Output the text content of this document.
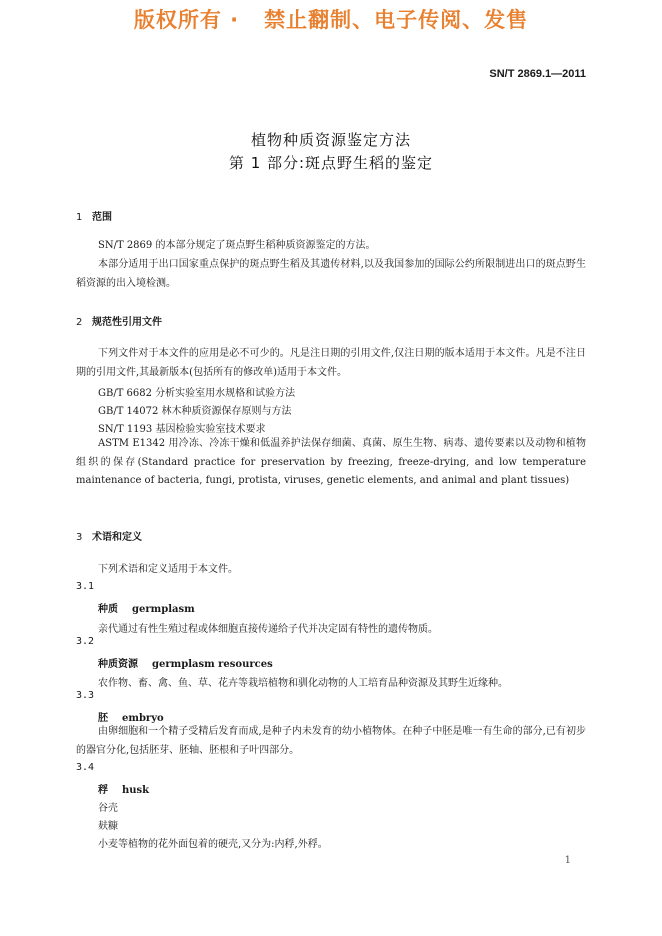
版权所有 ·   禁止翻制、电子传阅、发售
SN/T 2869.1—2011
植物种质资源鉴定方法
第 1 部分:斑点野生稻的鉴定
1 范围
SN/T 2869 的本部分规定了斑点野生稻种质资源鉴定的方法。
本部分适用于出口国家重点保护的斑点野生稻及其遗传材料,以及我国参加的国际公约所限制进出口的斑点野生稻资源的出入境检测。
2 规范性引用文件
下列文件对于本文件的应用是必不可少的。凡是注日期的引用文件,仅注日期的版本适用于本文件。凡是不注日期的引用文件,其最新版本(包括所有的修改单)适用于本文件。
GB/T 6682 分析实验室用水规格和试验方法
GB/T 14072 林木种质资源保存原则与方法
SN/T 1193 基因检验实验室技术要求
ASTM E1342 用冷冻、冷冻干燥和低温养护法保存细菌、真菌、原生生物、病毒、遗传要素以及动物和植物组织的保存(Standard practice for preservation by freezing, freeze-drying, and low temperature maintenance of bacteria, fungi, protista, viruses, genetic elements, and animal and plant tissues)
3 术语和定义
下列术语和定义适用于本文件。
3.1
种质 germplasm
亲代通过有性生殖过程或体细胞直接传递给子代并决定固有特性的遗传物质。
3.2
种质资源 germplasm resources
农作物、畜、禽、鱼、草、花卉等栽培植物和驯化动物的人工培育品种资源及其野生近缘种。
3.3
胚 embryo
由卵细胞和一个精子受精后发育而成,是种子内未发育的幼小植物体。在种子中胚是唯一有生命的部分,已有初步的器官分化,包括胚芽、胚轴、胚根和子叶四部分。
3.4
稃 husk
谷壳
麸糠
小麦等植物的花外面包着的硬壳,又分为:内稃,外稃。
1
